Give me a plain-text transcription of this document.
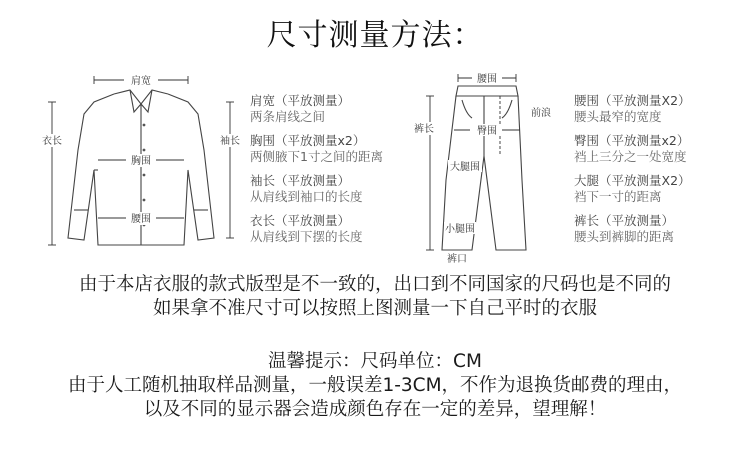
尺寸测量方法：
肩宽
胸围
腰围
衣长	袖长
肩宽（平放测量）
两条肩线之间
胸围（平放测量x2）
两侧腋下1寸之间的距离
袖长（平放测量）
从肩线到袖口的长度
衣长（平放测量）
从肩线到下摆的长度
腰围
前浪
裤长	臀围
大腿围
小腿围
裤口
腰围（平放测量X2）
腰头最窄的宽度
臀围（平放测量x2）
裆上三分之一处宽度
大腿（平放测量X2）
裆下一寸的距离
裤长（平放测量）
腰头到裤脚的距离
由于本店衣服的款式版型是不一致的，出口到不同国家的尺码也是不同的
如果拿不准尺寸可以按照上图测量一下自己平时的衣服
温馨提示：尺码单位：CM
由于人工随机抽取样品测量，一般误差1-3CM，不作为退换货邮费的理由，
以及不同的显示器会造成颜色存在一定的差异，望理解！
